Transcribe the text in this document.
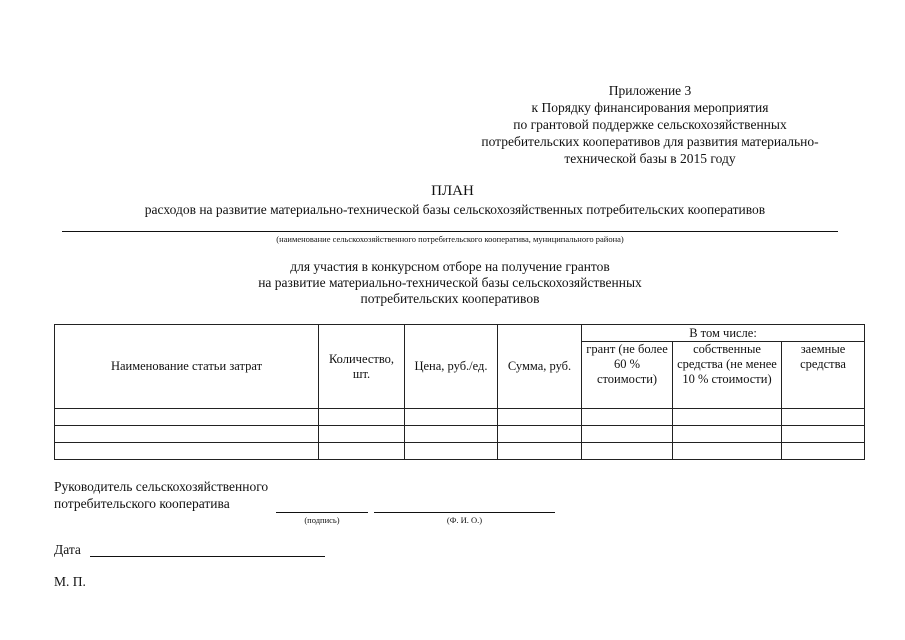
Приложение 3
к Порядку финансирования мероприятия
по грантовой поддержке сельскохозяйственных
потребительских кооперативов для развития материально-
технической базы в 2015 году
ПЛАН
расходов на развитие материально-технической базы сельскохозяйственных потребительских кооперативов
(наименование сельскохозяйственного потребительского кооператива, муниципального района)
для участия в конкурсном отборе на получение грантов
на развитие материально-технической базы сельскохозяйственных
потребительских кооперативов
Наименование статьи затрат	Количество, шт.	Цена, руб./ед.	Сумма, руб.	В том числе:		
				грант (не более 60 % стоимости)	собственные средства (не менее 10 % стоимости)	заемные средства

Руководитель сельскохозяйственного
потребительского кооператива
(подпись)	(Ф. И. О.)
Дата
М. П.
